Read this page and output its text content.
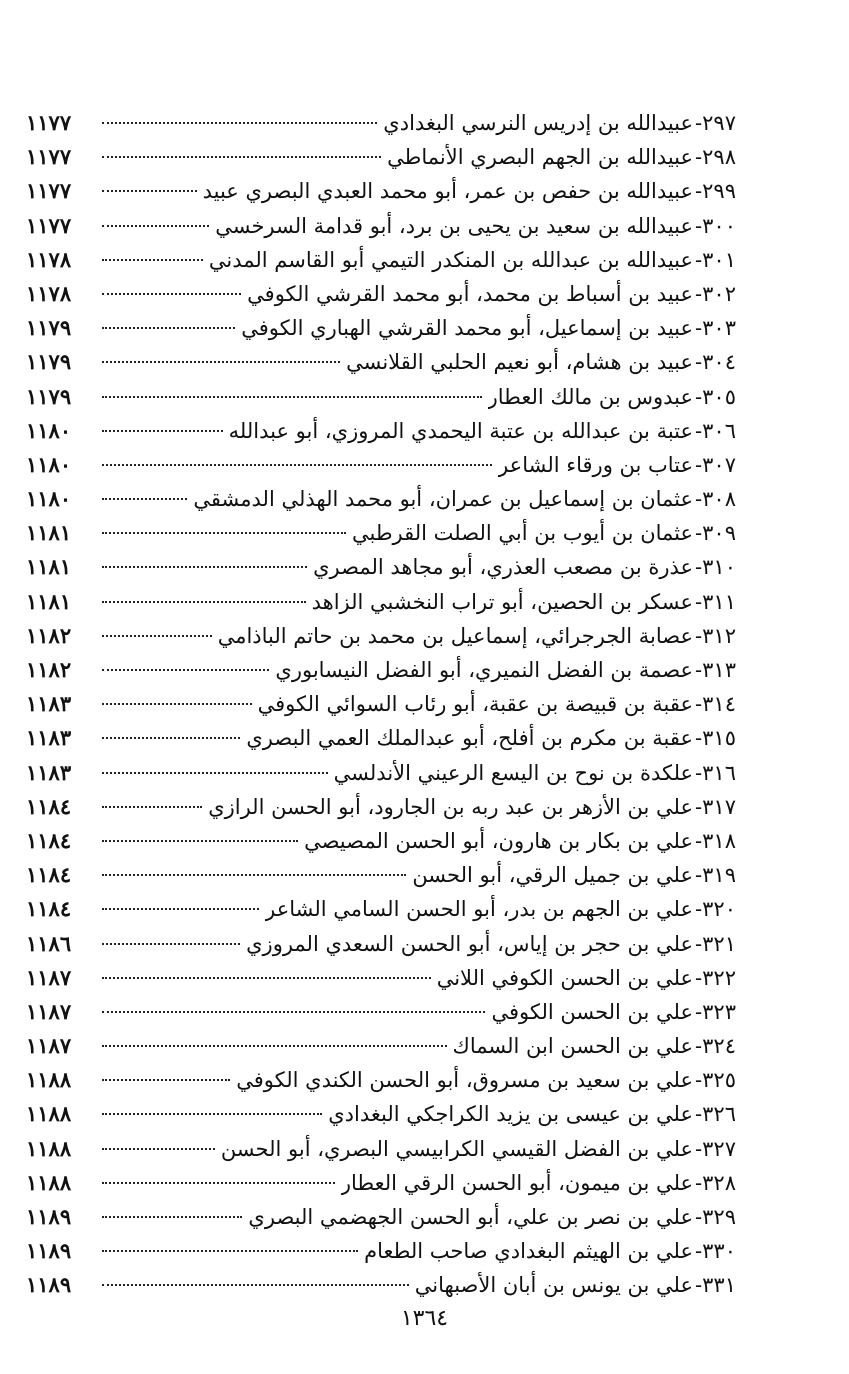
٢٩٧-
عبيدالله بن إدريس النرسي البغدادي
١١٧٧
٢٩٨-
عبيدالله بن الجهم البصري الأنماطي
١١٧٧
٢٩٩-
عبيدالله بن حفص بن عمر، أبو محمد العبدي البصري عبيد
١١٧٧
٣٠٠-
عبيدالله بن سعيد بن يحيى بن برد، أبو قدامة السرخسي
١١٧٧
٣٠١-
عبيدالله بن عبدالله بن المنكدر التيمي أبو القاسم المدني
١١٧٨
٣٠٢-
عبيد بن أسباط بن محمد، أبو محمد القرشي الكوفي
١١٧٨
٣٠٣-
عبيد بن إسماعيل، أبو محمد القرشي الهباري الكوفي
١١٧٩
٣٠٤-
عبيد بن هشام، أبو نعيم الحلبي القلانسي
١١٧٩
٣٠٥-
عبدوس بن مالك العطار
١١٧٩
٣٠٦-
عتبة بن عبدالله بن عتبة اليحمدي المروزي، أبو عبدالله
١١٨٠
٣٠٧-
عتاب بن ورقاء الشاعر
١١٨٠
٣٠٨-
عثمان بن إسماعيل بن عمران، أبو محمد الهذلي الدمشقي
١١٨٠
٣٠٩-
عثمان بن أيوب بن أبي الصلت القرطبي
١١٨١
٣١٠-
عذرة بن مصعب العذري، أبو مجاهد المصري
١١٨١
٣١١-
عسكر بن الحصين، أبو تراب النخشبي الزاهد
١١٨١
٣١٢-
عصابة الجرجرائي، إسماعيل بن محمد بن حاتم الباذامي
١١٨٢
٣١٣-
عصمة بن الفضل النميري، أبو الفضل النيسابوري
١١٨٢
٣١٤-
عقبة بن قبيصة بن عقبة، أبو رئاب السوائي الكوفي
١١٨٣
٣١٥-
عقبة بن مكرم بن أفلح، أبو عبدالملك العمي البصري
١١٨٣
٣١٦-
علكدة بن نوح بن اليسع الرعيني الأندلسي
١١٨٣
٣١٧-
علي بن الأزهر بن عبد ربه بن الجارود، أبو الحسن الرازي
١١٨٤
٣١٨-
علي بن بكار بن هارون، أبو الحسن المصيصي
١١٨٤
٣١٩-
علي بن جميل الرقي، أبو الحسن
١١٨٤
٣٢٠-
علي بن الجهم بن بدر، أبو الحسن السامي الشاعر
١١٨٤
٣٢١-
علي بن حجر بن إياس، أبو الحسن السعدي المروزي
١١٨٦
٣٢٢-
علي بن الحسن الكوفي اللاني
١١٨٧
٣٢٣-
علي بن الحسن الكوفي
١١٨٧
٣٢٤-
علي بن الحسن ابن السماك
١١٨٧
٣٢٥-
علي بن سعيد بن مسروق، أبو الحسن الكندي الكوفي
١١٨٨
٣٢٦-
علي بن عيسى بن يزيد الكراجكي البغدادي
١١٨٨
٣٢٧-
علي بن الفضل القيسي الكرابيسي البصري، أبو الحسن
١١٨٨
٣٢٨-
علي بن ميمون، أبو الحسن الرقي العطار
١١٨٨
٣٢٩-
علي بن نصر بن علي، أبو الحسن الجهضمي البصري
١١٨٩
٣٣٠-
علي بن الهيثم البغدادي صاحب الطعام
١١٨٩
٣٣١-
علي بن يونس بن أبان الأصبهاني
١١٨٩
١٣٦٤
